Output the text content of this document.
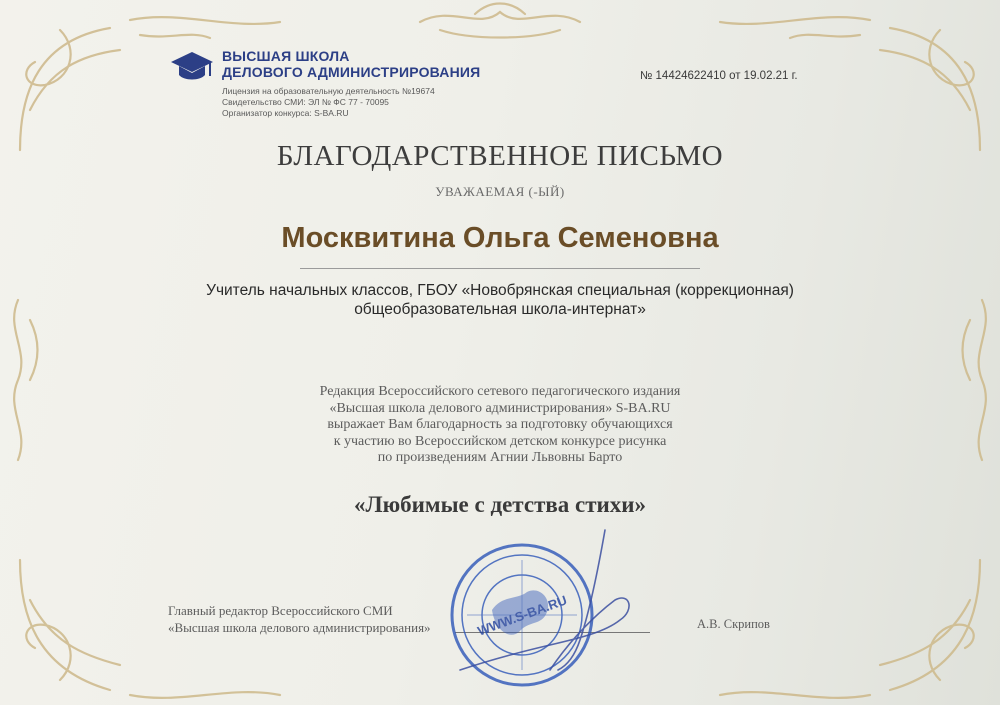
ВЫСШАЯ ШКОЛА
ДЕЛОВОГО АДМИНИСТРИРОВАНИЯ
Лицензия на образовательную деятельность №19674
Свидетельство СМИ: ЭЛ № ФС 77 - 70095
Организатор конкурса: S-BA.RU
№ 14424622410 от 19.02.21 г.
БЛАГОДАРСТВЕННОЕ ПИСЬМО
УВАЖАЕМАЯ (-ЫЙ)
Москвитина Ольга Семеновна
Учитель начальных классов, ГБОУ «Новобрянская специальная (коррекционная)
общеобразовательная школа-интернат»
Редакция Всероссийского сетевого педагогического издания
«Высшая школа делового администрирования» S-BA.RU
выражает Вам благодарность за подготовку обучающихся
к участию во Всероссийском детском конкурсе рисунка
по произведениям Агнии Львовны Барто
«Любимые с детства стихи»
Главный редактор Всероссийского СМИ
«Высшая школа делового администрирования»	А.В. Скрипов
WWW.S-BA.RU
